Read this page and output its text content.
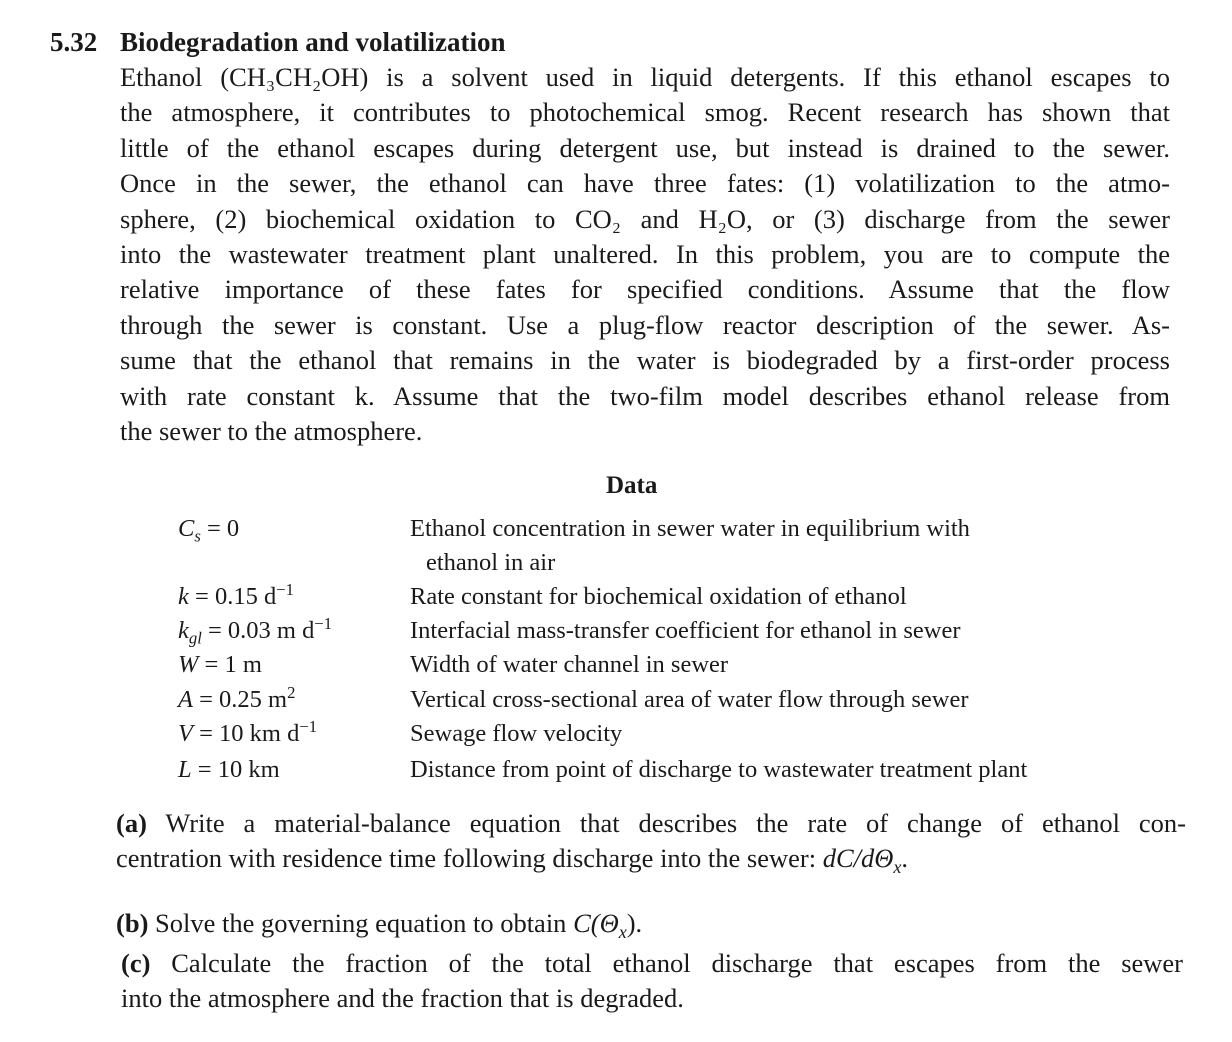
5.32 Biodegradation and volatilization
Ethanol (CH₃CH₂OH) is a solvent used in liquid detergents. If this ethanol escapes to
the atmosphere, it contributes to photochemical smog. Recent research has shown that
little of the ethanol escapes during detergent use, but instead is drained to the sewer.
Once in the sewer, the ethanol can have three fates: (1) volatilization to the atmo-
sphere, (2) biochemical oxidation to CO₂ and H₂O, or (3) discharge from the sewer
into the wastewater treatment plant unaltered. In this problem, you are to compute the
relative importance of these fates for specified conditions. Assume that the flow
through the sewer is constant. Use a plug-flow reactor description of the sewer. As-
sume that the ethanol that remains in the water is biodegraded by a first-order process
with rate constant k. Assume that the two-film model describes ethanol release from
the sewer to the atmosphere.
Data
$C_s = 0$	Ethanol concentration in sewer water in equilibrium with
ethanol in air
k = 0.15 $d^{-1}$	Rate constant for biochemical oxidation of ethanol
$k_{gl} = 0.03$ m $d^{-1}$	Interfacial mass-transfer coefficient for ethanol in sewer
W = 1 m	Width of water channel in sewer
A = 0.25 $m^2$	Vertical cross-sectional area of water flow through sewer
V = 10 km $d^{-1}$	Sewage flow velocity
L = 10 km	Distance from point of discharge to wastewater treatment plant
(a) Write a material-balance equation that describes the rate of change of ethanol con-
centration with residence time following discharge into the sewer: $dC/d\Theta_x$.
(b) Solve the governing equation to obtain $C(\Theta_x)$.
(c) Calculate the fraction of the total ethanol discharge that escapes from the sewer
into the atmosphere and the fraction that is degraded.
